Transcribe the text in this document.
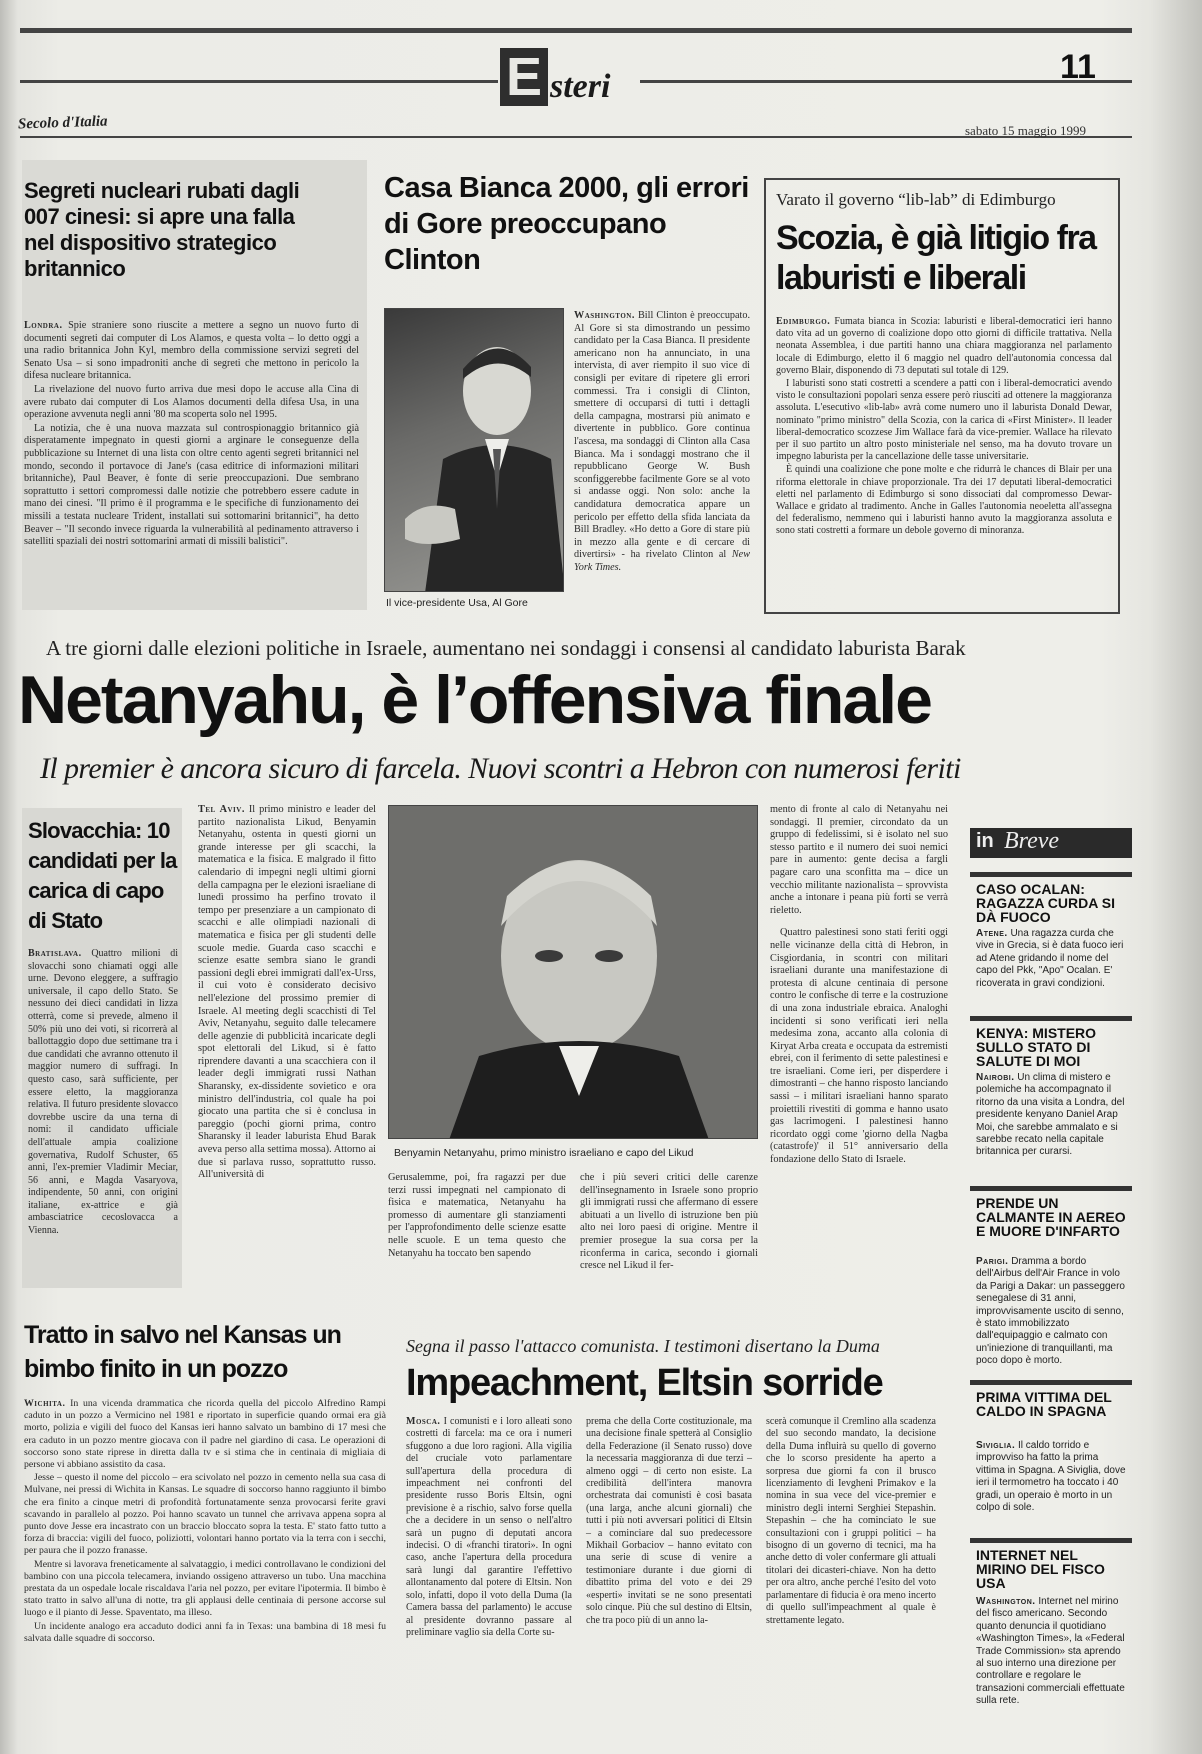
E steri
11
Secolo d'Italia	sabato 15 maggio 1999
Segreti nucleari rubati dagli 007 cinesi: si apre una falla nel dispositivo strategico britannico

Londra. Spie straniere sono riuscite a mettere a segno un nuovo furto di documenti segreti dai computer di Los Alamos, e questa volta – lo detto oggi a una radio britannica John Kyl, membro della commissione servizi segreti del Senato Usa – si sono impadroniti anche di segreti che mettono in pericolo la difesa nucleare britannica.

La rivelazione del nuovo furto arriva due mesi dopo le accuse alla Cina di avere rubato dai computer di Los Alamos documenti della difesa Usa, in una operazione avvenuta negli anni '80 ma scoperta solo nel 1995.

La notizia, che è una nuova mazzata sul controspionaggio britannico già disperatamente impegnato in questi giorni a arginare le conseguenze della pubblicazione su Internet di una lista con oltre cento agenti segreti britannici nel mondo, secondo il portavoce di Jane's (casa editrice di informazioni militari britanniche), Paul Beaver, è fonte di serie preoccupazioni. Due sembrano soprattutto i settori compromessi dalle notizie che potrebbero essere cadute in mano dei cinesi. "Il primo è il programma e le specifiche di funzionamento dei missili a testata nucleare Trident, installati sui sottomarini britannici", ha detto Beaver – "Il secondo invece riguarda la vulnerabilità al pedinamento attraverso i satelliti spaziali dei nostri sottomarini armati di missili balistici".

Casa Bianca 2000, gli errori di Gore preoccupano Clinton
Il vice-presidente Usa, Al Gore
Washington. Bill Clinton è preoccupato. Al Gore si sta dimostrando un pessimo candidato per la Casa Bianca. Il presidente americano non ha annunciato, in una intervista, di aver riempito il suo vice di consigli per evitare di ripetere gli errori commessi. Tra i consigli di Clinton, smettere di occuparsi di tutti i dettagli della campagna, mostrarsi più animato e divertente in pubblico. Gore continua l'ascesa, ma sondaggi di Clinton alla Casa Bianca. Ma i sondaggi mostrano che il repubblicano George W. Bush sconfiggerebbe facilmente Gore se al voto si andasse oggi. Non solo: anche la candidatura democratica appare un pericolo per effetto della sfida lanciata da Bill Bradley. «Ho detto a Gore di stare più in mezzo alla gente e di cercare di divertirsi» - ha rivelato Clinton al New York Times.
Varato il governo “lib-lab” di Edimburgo
Scozia, è già litigio fra laburisti e liberali

Edimburgo. Fumata bianca in Scozia: laburisti e liberal-democratici ieri hanno dato vita ad un governo di coalizione dopo otto giorni di difficile trattativa. Nella neonata Assemblea, i due partiti hanno una chiara maggioranza nel parlamento locale di Edimburgo, eletto il 6 maggio nel quadro dell'autonomia concessa dal governo Blair, disponendo di 73 deputati sul totale di 129.

I laburisti sono stati costretti a scendere a patti con i liberal-democratici avendo visto le consultazioni popolari senza essere però riusciti ad ottenere la maggioranza assoluta. L'esecutivo «lib-lab» avrà come numero uno il laburista Donald Dewar, nominato "primo ministro" della Scozia, con la carica di «First Minister». Il leader liberal-democratico scozzese Jim Wallace farà da vice-premier. Wallace ha rilevato per il suo partito un altro posto ministeriale nel senso, ma ha dovuto trovare un impegno laburista per la cancellazione delle tasse universitarie.

È quindi una coalizione che pone molte e che ridurrà le chances di Blair per una riforma elettorale in chiave proporzionale. Tra dei 17 deputati liberal-democratici eletti nel parlamento di Edimburgo si sono dissociati dal compromesso Dewar-Wallace e gridato al tradimento. Anche in Galles l'autonomia neoeletta all'assegna del federalismo, nemmeno qui i laburisti hanno avuto la maggioranza assoluta e sono stati costretti a formare un debole governo di minoranza.

A tre giorni dalle elezioni politiche in Israele, aumentano nei sondaggi i consensi al candidato laburista Barak
Netanyahu, è l’offensiva finale
Il premier è ancora sicuro di farcela. Nuovi scontri a Hebron con numerosi feriti
Slovacchia: 10 candidati per la carica di capo di Stato
Bratislava. Quattro milioni di slovacchi sono chiamati oggi alle urne. Devono eleggere, a suffragio universale, il capo dello Stato. Se nessuno dei dieci candidati in lizza otterrà, come si prevede, almeno il 50% più uno dei voti, si ricorrerà al ballottaggio dopo due settimane tra i due candidati che avranno ottenuto il maggior numero di suffragi. In questo caso, sarà sufficiente, per essere eletto, la maggioranza relativa. Il futuro presidente slovacco dovrebbe uscire da una terna di nomi: il candidato ufficiale dell'attuale ampia coalizione governativa, Rudolf Schuster, 65 anni, l'ex-premier Vladimir Meciar, 56 anni, e Magda Vasaryova, indipendente, 50 anni, con origini italiane, ex-attrice e già ambasciatrice cecoslovacca a Vienna.
Tel Aviv. Il primo ministro e leader del partito nazionalista Likud, Benyamin Netanyahu, ostenta in questi giorni un grande interesse per gli scacchi, la matematica e la fisica. E malgrado il fitto calendario di impegni negli ultimi giorni della campagna per le elezioni israeliane di lunedì prossimo ha perfino trovato il tempo per presenziare a un campionato di scacchi e alle olimpiadi nazionali di matematica e fisica per gli studenti delle scuole medie. Guarda caso scacchi e scienze esatte sembra siano le grandi passioni degli ebrei immigrati dall'ex-Urss, il cui voto è considerato decisivo nell'elezione del prossimo premier di Israele. Al meeting degli scacchisti di Tel Aviv, Netanyahu, seguito dalle telecamere delle agenzie di pubblicità incaricate degli spot elettorali del Likud, si è fatto riprendere davanti a una scacchiera con il leader degli immigrati russi Nathan Sharansky, ex-dissidente sovietico e ora ministro dell'industria, col quale ha poi giocato una partita che si è conclusa in pareggio (pochi giorni prima, contro Sharansky il leader laburista Ehud Barak aveva perso alla settima mossa). Attorno ai due si parlava russo, soprattutto russo. All'università di
Benyamin Netanyahu, primo ministro israeliano e capo del Likud
Gerusalemme, poi, fra ragazzi per due terzi russi impegnati nel campionato di fisica e matematica, Netanyahu ha promesso di aumentare gli stanziamenti per l'approfondimento delle scienze esatte nelle scuole. E un tema questo che Netanyahu ha toccato ben sapendo
che i più severi critici delle carenze dell'insegnamento in Israele sono proprio gli immigrati russi che affermano di essere abituati a un livello di istruzione ben più alto nei loro paesi di origine. Mentre il premier prosegue la sua corsa per la riconferma in carica, secondo i giornali cresce nel Likud il fer-

mento di fronte al calo di Netanyahu nei sondaggi. Il premier, circondato da un gruppo di fedelissimi, si è isolato nel suo stesso partito e il numero dei suoi nemici pare in aumento: gente decisa a fargli pagare caro una sconfitta ma – dice un vecchio militante nazionalista – sprovvista anche a intonare i peana più forti se verrà rieletto.

Quattro palestinesi sono stati feriti oggi nelle vicinanze della città di Hebron, in Cisgiordania, in scontri con militari israeliani durante una manifestazione di protesta di alcune centinaia di persone contro le confische di terre e la costruzione di una zona industriale ebraica. Analoghi incidenti si sono verificati ieri nella medesima zona, accanto alla colonia di Kiryat Arba creata e occupata da estremisti ebrei, con il ferimento di sette palestinesi e tre israeliani. Come ieri, per disperdere i dimostranti – che hanno risposto lanciando sassi – i militari israeliani hanno sparato proiettili rivestiti di gomma e hanno usato gas lacrimogeni. I palestinesi hanno ricordato oggi come 'giorno della Nagba (catastrofe)' il 51° anniversario della fondazione dello Stato di Israele.

in Breve
CASO OCALAN: RAGAZZA CURDA SI DÀ FUOCO
Atene. Una ragazza curda che vive in Grecia, si è data fuoco ieri ad Atene gridando il nome del capo del Pkk, "Apo" Ocalan. E' ricoverata in gravi condizioni.
KENYA: MISTERO SULLO STATO DI SALUTE DI MOI
Nairobi. Un clima di mistero e polemiche ha accompagnato il ritorno da una visita a Londra, del presidente kenyano Daniel Arap Moi, che sarebbe ammalato e si sarebbe recato nella capitale britannica per curarsi.
PRENDE UN CALMANTE IN AEREO E MUORE D'INFARTO
Parigi. Dramma a bordo dell'Airbus dell'Air France in volo da Parigi a Dakar: un passeggero senegalese di 31 anni, improvvisamente uscito di senno, è stato immobilizzato dall'equipaggio e calmato con un'iniezione di tranquillanti, ma poco dopo è morto.
PRIMA VITTIMA DEL CALDO IN SPAGNA
Siviglia. Il caldo torrido e improvviso ha fatto la prima vittima in Spagna. A Siviglia, dove ieri il termometro ha toccato i 40 gradi, un operaio è morto in un colpo di sole.
INTERNET NEL MIRINO DEL FISCO USA
Washington. Internet nel mirino del fisco americano. Secondo quanto denuncia il quotidiano «Washington Times», la «Federal Trade Commission» sta aprendo al suo interno una direzione per controllare e regolare le transazioni commerciali effettuate sulla rete.
Tratto in salvo nel Kansas un bimbo finito in un pozzo

Wichita. In una vicenda drammatica che ricorda quella del piccolo Alfredino Rampi caduto in un pozzo a Vermicino nel 1981 e riportato in superficie quando ormai era già morto, polizia e vigili del fuoco del Kansas ieri hanno salvato un bambino di 17 mesi che era caduto in un pozzo mentre giocava con il padre nel giardino di casa. Le operazioni di soccorso sono state riprese in diretta dalla tv e si stima che in centinaia di migliaia di persone vi abbiano assistito da casa.

Jesse – questo il nome del piccolo – era scivolato nel pozzo in cemento nella sua casa di Mulvane, nei pressi di Wichita in Kansas. Le squadre di soccorso hanno raggiunto il bimbo che era finito a cinque metri di profondità fortunatamente senza provocarsi ferite gravi scavando in parallelo al pozzo. Poi hanno scavato un tunnel che arrivava appena sopra al punto dove Jesse era incastrato con un braccio bloccato sopra la testa. E' stato fatto tutto a forza di braccia: vigili del fuoco, poliziotti, volontari hanno portato via la terra con i secchi, per paura che il pozzo franasse.

Mentre si lavorava freneticamente al salvataggio, i medici controllavano le condizioni del bambino con una piccola telecamera, inviando ossigeno attraverso un tubo. Una macchina prestata da un ospedale locale riscaldava l'aria nel pozzo, per evitare l'ipotermia. Il bimbo è stato tratto in salvo all'una di notte, tra gli applausi delle centinaia di persone accorse sul luogo e il pianto di Jesse. Spaventato, ma illeso.

Un incidente analogo era accaduto dodici anni fa in Texas: una bambina di 18 mesi fu salvata dalle squadre di soccorso.

Segna il passo l'attacco comunista. I testimoni disertano la Duma
Impeachment, Eltsin sorride
Mosca. I comunisti e i loro alleati sono costretti di farcela: ma ce ora i numeri sfuggono a due loro ragioni. Alla vigilia del cruciale voto parlamentare sull'apertura della procedura di impeachment nei confronti del presidente russo Boris Eltsin, ogni previsione è a rischio, salvo forse quella che a decidere in un senso o nell'altro sarà un pugno di deputati ancora indecisi. O di «franchi tiratori». In ogni caso, anche l'apertura della procedura sarà lungi dal garantire l'effettivo allontanamento dal potere di Eltsin. Non solo, infatti, dopo il voto della Duma (la Camera bassa del parlamento) le accuse al presidente dovranno passare al preliminare vaglio sia della Corte su-
prema che della Corte costituzionale, ma una decisione finale spetterà al Consiglio della Federazione (il Senato russo) dove la necessaria maggioranza di due terzi – almeno oggi – di certo non esiste. La credibilità dell'intera manovra orchestrata dai comunisti è così basata (una larga, anche alcuni giornali) che tutti i più noti avversari politici di Eltsin – a cominciare dal suo predecessore Mikhail Gorbaciov – hanno evitato con una serie di scuse di venire a testimoniare durante i due giorni di dibattito prima del voto e dei 29 «esperti» invitati se ne sono presentati solo cinque. Più che sul destino di Eltsin, che tra poco più di un anno la-
scerà comunque il Cremlino alla scadenza del suo secondo mandato, la decisione della Duma influirà su quello di governo che lo scorso presidente ha aperto a sorpresa due giorni fa con il brusco licenziamento di Ievgheni Primakov e la nomina in sua vece del vice-premier e ministro degli interni Serghiei Stepashin. Stepashin – che ha cominciato le sue consultazioni con i gruppi politici – ha bisogno di un governo di tecnici, ma ha anche detto di voler confermare gli attuali titolari dei dicasteri-chiave. Non ha detto per ora altro, anche perché l'esito del voto parlamentare di fiducia è ora meno incerto di quello sull'impeachment al quale è strettamente legato.
